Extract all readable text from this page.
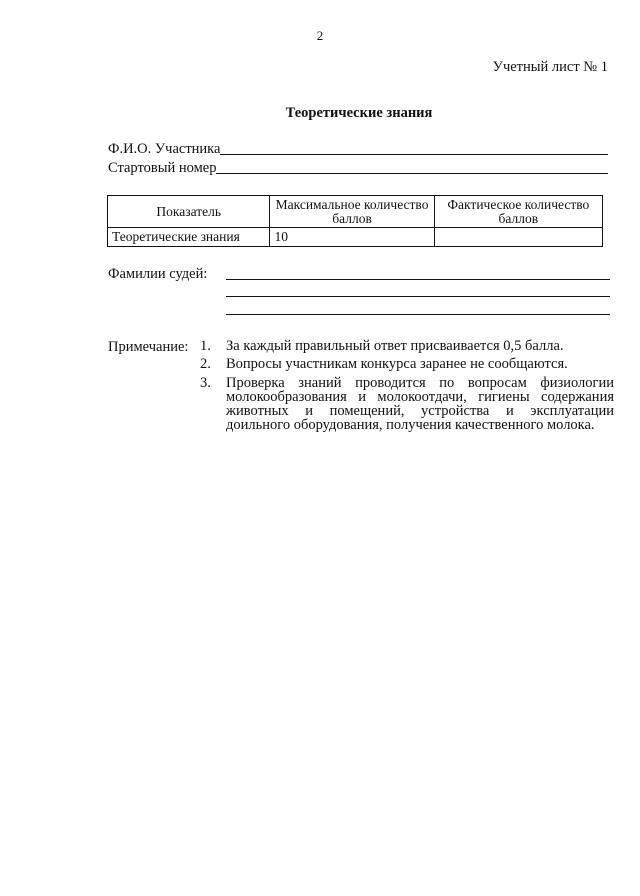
2
Учетный лист № 1
Теоретические знания
Ф.И.О. Участника
Стартовый номер
Показатель	Максимальное количество баллов	Фактическое количество баллов
Теоретические знания	10	
Фамилии судей:
Примечание: 1.	За каждый правильный ответ присваивается 0,5 балла.
2.	Вопросы участникам конкурса заранее не сообщаются.
3.	Проверка знаний проводится по вопросам физиологии молокообразования и молокоотдачи, гигиены содержания животных и помещений, устройства и эксплуатации доильного оборудования, получения качественного молока.
